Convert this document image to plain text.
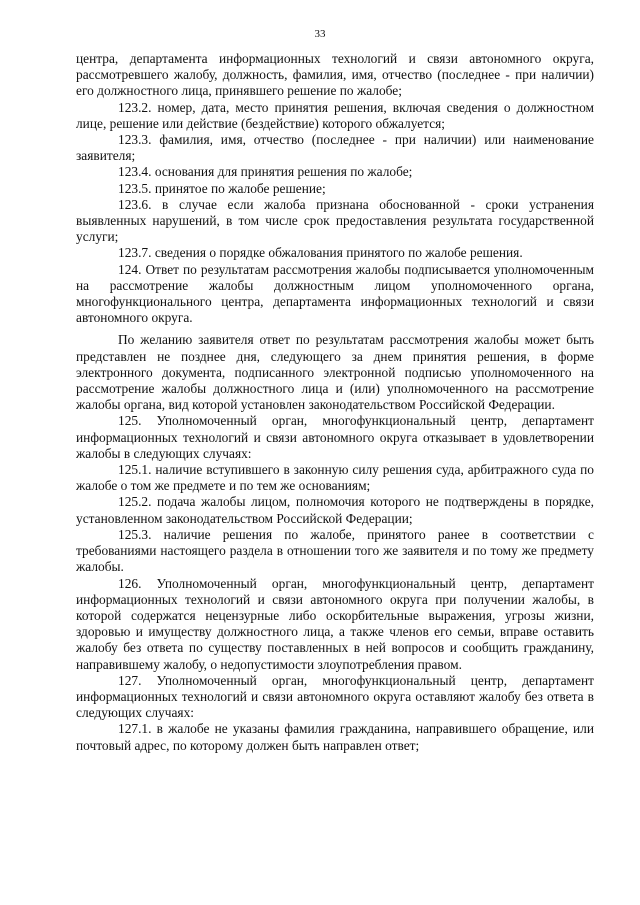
33

центра, департамента информационных технологий и связи автономного округа, рассмотревшего жалобу, должность, фамилия, имя, отчество (последнее - при наличии) его должностного лица, принявшего решение по жалобе;

123.2. номер, дата, место принятия решения, включая сведения о должностном лице, решение или действие (бездействие) которого обжалуется;

123.3. фамилия, имя, отчество (последнее - при наличии) или наименование заявителя;

123.4. основания для принятия решения по жалобе;

123.5. принятое по жалобе решение;

123.6. в случае если жалоба признана обоснованной - сроки устранения выявленных нарушений, в том числе срок предоставления результата государственной услуги;

123.7. сведения о порядке обжалования принятого по жалобе решения.

124. Ответ по результатам рассмотрения жалобы подписывается уполномоченным на рассмотрение жалобы должностным лицом уполномоченного органа, многофункционального центра, департамента информационных технологий и связи автономного округа.

По желанию заявителя ответ по результатам рассмотрения жалобы может быть представлен не позднее дня, следующего за днем принятия решения, в форме электронного документа, подписанного электронной подписью уполномоченного на рассмотрение жалобы должностного лица и (или) уполномоченного на рассмотрение жалобы органа, вид которой установлен законодательством Российской Федерации.

125. Уполномоченный орган, многофункциональный центр, департамент информационных технологий и связи автономного округа отказывает в удовлетворении жалобы в следующих случаях:

125.1. наличие вступившего в законную силу решения суда, арбитражного суда по жалобе о том же предмете и по тем же основаниям;

125.2. подача жалобы лицом, полномочия которого не подтверждены в порядке, установленном законодательством Российской Федерации;

125.3. наличие решения по жалобе, принятого ранее в соответствии с требованиями настоящего раздела в отношении того же заявителя и по тому же предмету жалобы.

126. Уполномоченный орган, многофункциональный центр, департамент информационных технологий и связи автономного округа при получении жалобы, в которой содержатся нецензурные либо оскорбительные выражения, угрозы жизни, здоровью и имуществу должностного лица, а также членов его семьи, вправе оставить жалобу без ответа по существу поставленных в ней вопросов и сообщить гражданину, направившему жалобу, о недопустимости злоупотребления правом.

127. Уполномоченный орган, многофункциональный центр, департамент информационных технологий и связи автономного округа оставляют жалобу без ответа в следующих случаях:

127.1. в жалобе не указаны фамилия гражданина, направившего обращение, или почтовый адрес, по которому должен быть направлен ответ;
